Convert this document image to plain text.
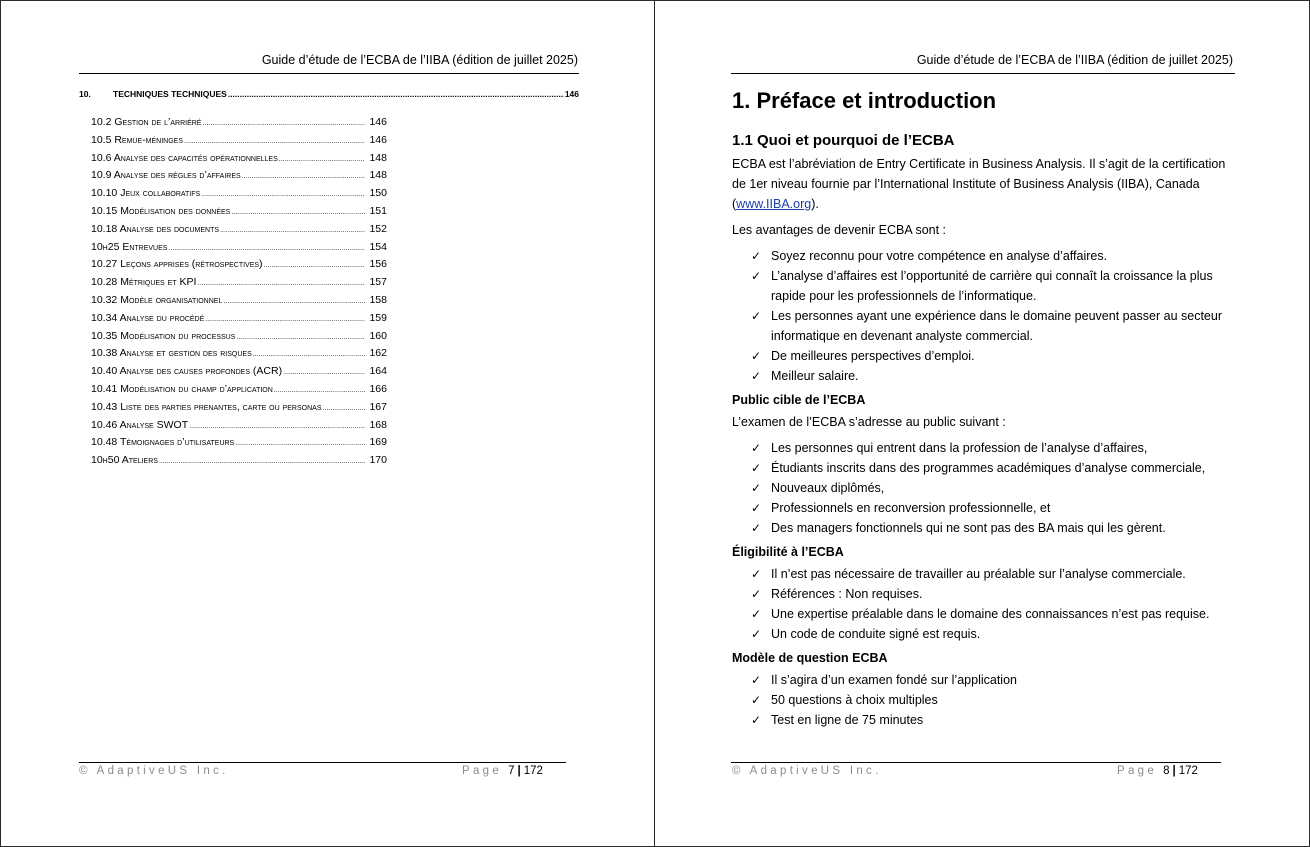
Guide d’étude de l’ECBA de l’IIBA (édition de juillet 2025)
10.	TECHNIQUES TECHNIQUES .....	146
10.2 Gestion de l’arriéré .....	146
10.5 Remue-méninges .....	146
10.6 Analyse des capacités opérationnelles .....	148
10.9 Analyse des règles d’affaires .....	148
10.10 Jeux collaboratifs .....	150
10.15 Modélisation des données .....	151
10.18 Analyse des documents .....	152
10h25 Entrevues .....	154
10.27 Leçons apprises (rétrospectives) .....	156
10.28 Métriques et KPI .....	157
10.32 Modèle organisationnel .....	158
10.34 Analyse du procédé .....	159
10.35 Modélisation du processus .....	160
10.38 Analyse et gestion des risques .....	162
10.40 Analyse des causes profondes (ACR) .....	164
10.41 Modélisation du champ d’application .....	166
10.43 Liste des parties prenantes, carte ou personas .....	167
10.46 Analyse SWOT .....	168
10.48 Témoignages d’utilisateurs .....	169
10h50 Ateliers .....	170
© AdaptiveUS Inc.	Page 7 | 172
Guide d’étude de l’ECBA de l’IIBA (édition de juillet 2025)
1. Préface et introduction
1.1 Quoi et pourquoi de l’ECBA

ECBA est l’abréviation de Entry Certificate in Business Analysis. Il s’agit de la certification de 1er niveau fournie par l’International Institute of Business Analysis (IIBA), Canada (www.IIBA.org).

Les avantages de devenir ECBA sont :

✓ Soyez reconnu pour votre compétence en analyse d’affaires.
✓ L’analyse d’affaires est l’opportunité de carrière qui connaît la croissance la plus rapide pour les professionnels de l’informatique.
✓ Les personnes ayant une expérience dans le domaine peuvent passer au secteur informatique en devenant analyste commercial.
✓ De meilleures perspectives d’emploi.
✓ Meilleur salaire.

Public cible de l’ECBA

L’examen de l’ECBA s’adresse au public suivant :

✓ Les personnes qui entrent dans la profession de l’analyse d’affaires,
✓ Étudiants inscrits dans des programmes académiques d’analyse commerciale,
✓ Nouveaux diplômés,
✓ Professionnels en reconversion professionnelle, et
✓ Des managers fonctionnels qui ne sont pas des BA mais qui les gèrent.

Éligibilité à l’ECBA

✓ Il n’est pas nécessaire de travailler au préalable sur l’analyse commerciale.
✓ Références : Non requises.
✓ Une expertise préalable dans le domaine des connaissances n’est pas requise.
✓ Un code de conduite signé est requis.

Modèle de question ECBA

✓ Il s’agira d’un examen fondé sur l’application
✓ 50 questions à choix multiples
✓ Test en ligne de 75 minutes
© AdaptiveUS Inc.	Page 8 | 172
